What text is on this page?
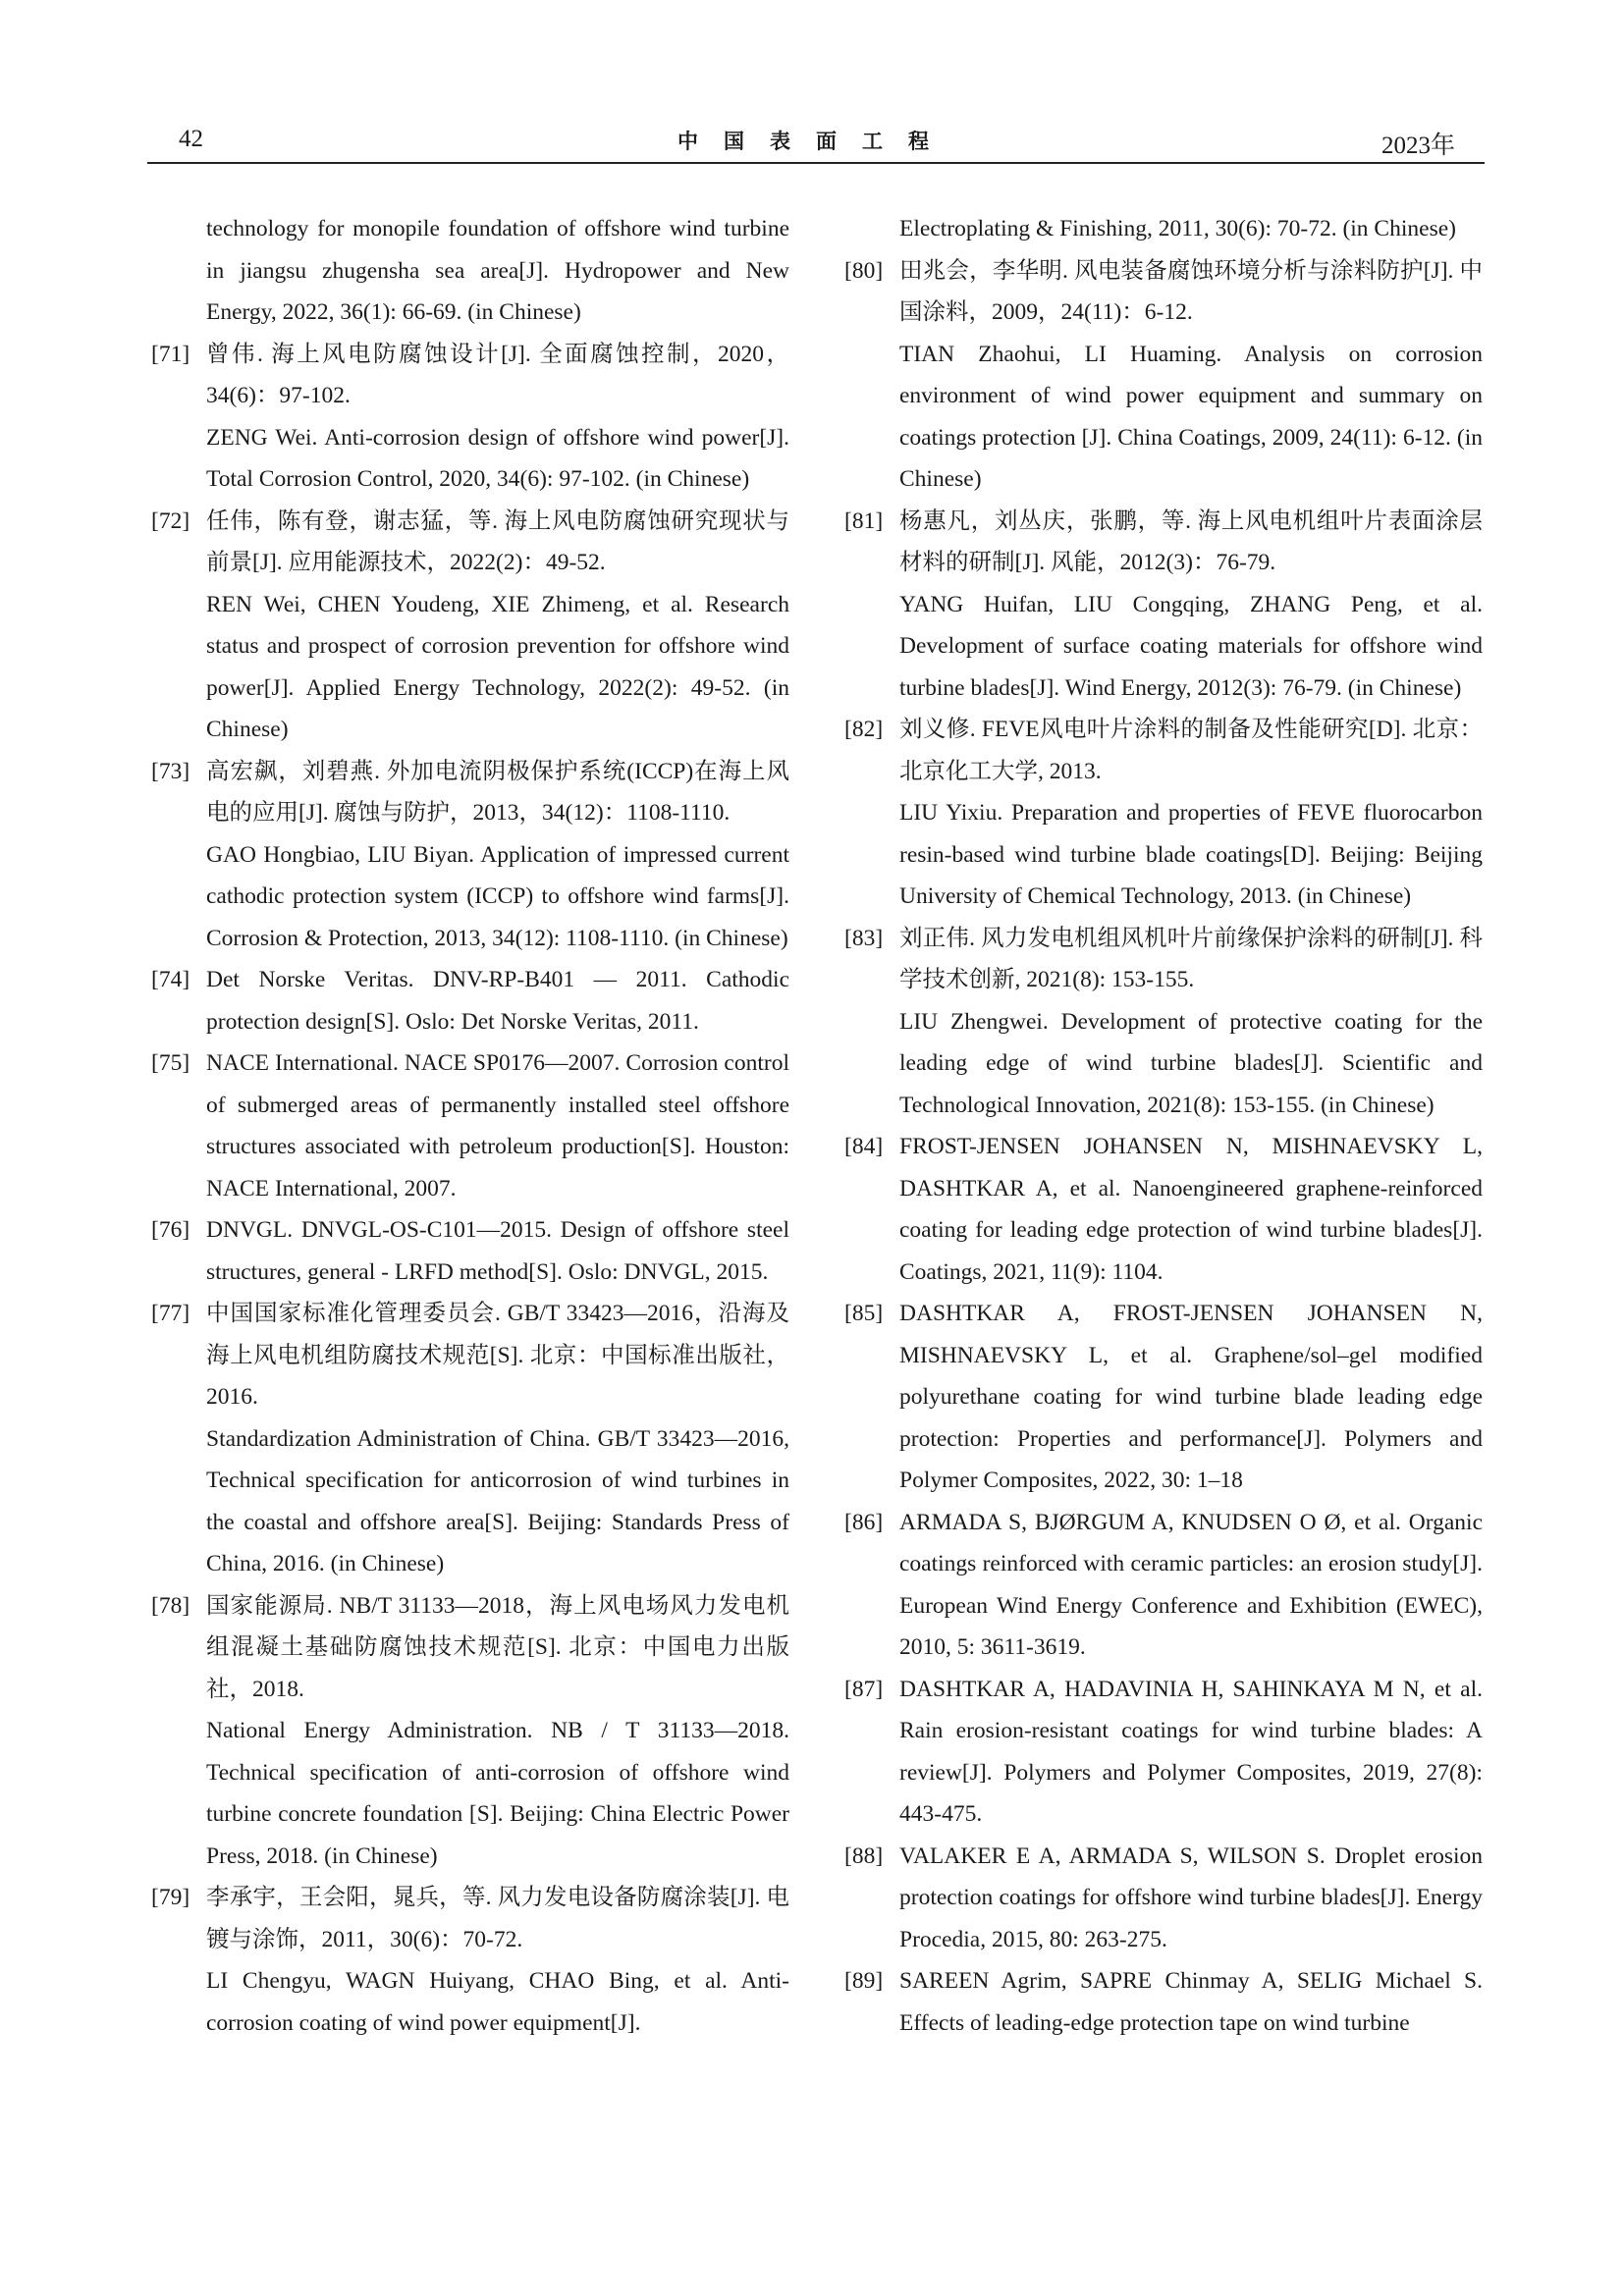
42	中国表面工程	2023年

technology for monopile foundation of offshore wind turbine in jiangsu zhugensha sea area[J]. Hydropower and New Energy, 2022, 36(1): 66-69. (in Chinese)

[71] 曾伟. 海上风电防腐蚀设计[J]. 全面腐蚀控制，2020，34(6)：97-102.

ZENG Wei. Anti-corrosion design of offshore wind power[J]. Total Corrosion Control, 2020, 34(6): 97-102. (in Chinese)

[72] 任伟，陈有登，谢志猛，等. 海上风电防腐蚀研究现状与前景[J]. 应用能源技术，2022(2)：49-52.

REN Wei, CHEN Youdeng, XIE Zhimeng, et al. Research status and prospect of corrosion prevention for offshore wind power[J]. Applied Energy Technology, 2022(2): 49-52. (in Chinese)

[73] 高宏飙，刘碧燕. 外加电流阴极保护系统(ICCP)在海上风电的应用[J]. 腐蚀与防护，2013，34(12)：1108-1110.

GAO Hongbiao, LIU Biyan. Application of impressed current cathodic protection system (ICCP) to offshore wind farms[J]. Corrosion & Protection, 2013, 34(12): 1108-1110. (in Chinese)

[74] Det Norske Veritas. DNV-RP-B401 — 2011. Cathodic protection design[S]. Oslo: Det Norske Veritas, 2011.

[75] NACE International. NACE SP0176—2007. Corrosion control of submerged areas of permanently installed steel offshore structures associated with petroleum production[S]. Houston: NACE International, 2007.

[76] DNVGL. DNVGL-OS-C101—2015. Design of offshore steel structures, general - LRFD method[S]. Oslo: DNVGL, 2015.

[77] 中国国家标准化管理委员会. GB/T 33423—2016，沿海及海上风电机组防腐技术规范[S]. 北京：中国标准出版社，2016.

Standardization Administration of China. GB/T 33423—2016, Technical specification for anticorrosion of wind turbines in the coastal and offshore area[S]. Beijing: Standards Press of China, 2016. (in Chinese)

[78] 国家能源局. NB/T 31133—2018，海上风电场风力发电机组混凝土基础防腐蚀技术规范[S]. 北京：中国电力出版社，2018.

National Energy Administration. NB / T 31133—2018. Technical specification of anti-corrosion of offshore wind turbine concrete foundation [S]. Beijing: China Electric Power Press, 2018. (in Chinese)

[79] 李承宇，王会阳，晁兵，等. 风力发电设备防腐涂装[J]. 电镀与涂饰，2011，30(6)：70-72.

LI Chengyu, WAGN Huiyang, CHAO Bing, et al. Anti-corrosion coating of wind power equipment[J].

Electroplating & Finishing, 2011, 30(6): 70-72. (in Chinese)

[80] 田兆会，李华明. 风电装备腐蚀环境分析与涂料防护[J]. 中国涂料，2009，24(11)：6-12.

TIAN Zhaohui, LI Huaming. Analysis on corrosion environment of wind power equipment and summary on coatings protection [J]. China Coatings, 2009, 24(11): 6-12. (in Chinese)

[81] 杨惠凡，刘丛庆，张鹏，等. 海上风电机组叶片表面涂层材料的研制[J]. 风能，2012(3)：76-79.

YANG Huifan, LIU Congqing, ZHANG Peng, et al. Development of surface coating materials for offshore wind turbine blades[J]. Wind Energy, 2012(3): 76-79. (in Chinese)

[82] 刘义修. FEVE风电叶片涂料的制备及性能研究[D]. 北京：北京化工大学, 2013.

LIU Yixiu. Preparation and properties of FEVE fluorocarbon resin-based wind turbine blade coatings[D]. Beijing: Beijing University of Chemical Technology, 2013. (in Chinese)

[83] 刘正伟. 风力发电机组风机叶片前缘保护涂料的研制[J]. 科学技术创新, 2021(8): 153-155.

LIU Zhengwei. Development of protective coating for the leading edge of wind turbine blades[J]. Scientific and Technological Innovation, 2021(8): 153-155. (in Chinese)

[84] FROST-JENSEN JOHANSEN N, MISHNAEVSKY L, DASHTKAR A, et al. Nanoengineered graphene-reinforced coating for leading edge protection of wind turbine blades[J]. Coatings, 2021, 11(9): 1104.

[85] DASHTKAR A, FROST-JENSEN JOHANSEN N, MISHNAEVSKY L, et al. Graphene/sol–gel modified polyurethane coating for wind turbine blade leading edge protection: Properties and performance[J]. Polymers and Polymer Composites, 2022, 30: 1–18

[86] ARMADA S, BJØRGUM A, KNUDSEN O Ø, et al. Organic coatings reinforced with ceramic particles: an erosion study[J]. European Wind Energy Conference and Exhibition (EWEC), 2010, 5: 3611-3619.

[87] DASHTKAR A, HADAVINIA H, SAHINKAYA M N, et al. Rain erosion-resistant coatings for wind turbine blades: A review[J]. Polymers and Polymer Composites, 2019, 27(8): 443-475.

[88] VALAKER E A, ARMADA S, WILSON S. Droplet erosion protection coatings for offshore wind turbine blades[J]. Energy Procedia, 2015, 80: 263-275.

[89] SAREEN Agrim, SAPRE Chinmay A, SELIG Michael S. Effects of leading-edge protection tape on wind turbine
